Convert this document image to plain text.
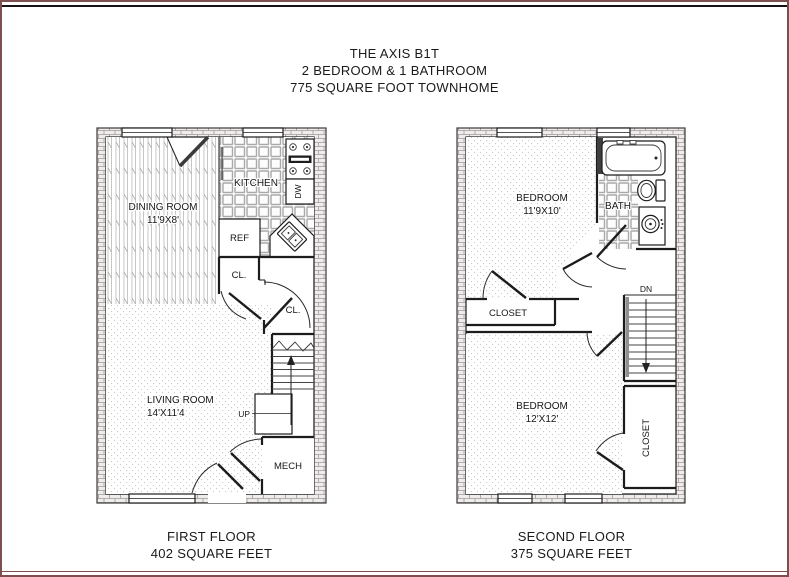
THE AXIS B1T
2 BEDROOM & 1 BATHROOM
775 SQUARE FOOT TOWNHOME
DW
REF
UP
MECH
DINING ROOM
11'9X8'
KITCHEN
CL.
CL.
LIVING ROOM
14'X11'4
CLOSET
DN
CLOSET
BEDROOM
11'9X10'	BATH
BEDROOM
12'X12'
FIRST FLOOR
402 SQUARE FEET
SECOND FLOOR
375 SQUARE FEET
